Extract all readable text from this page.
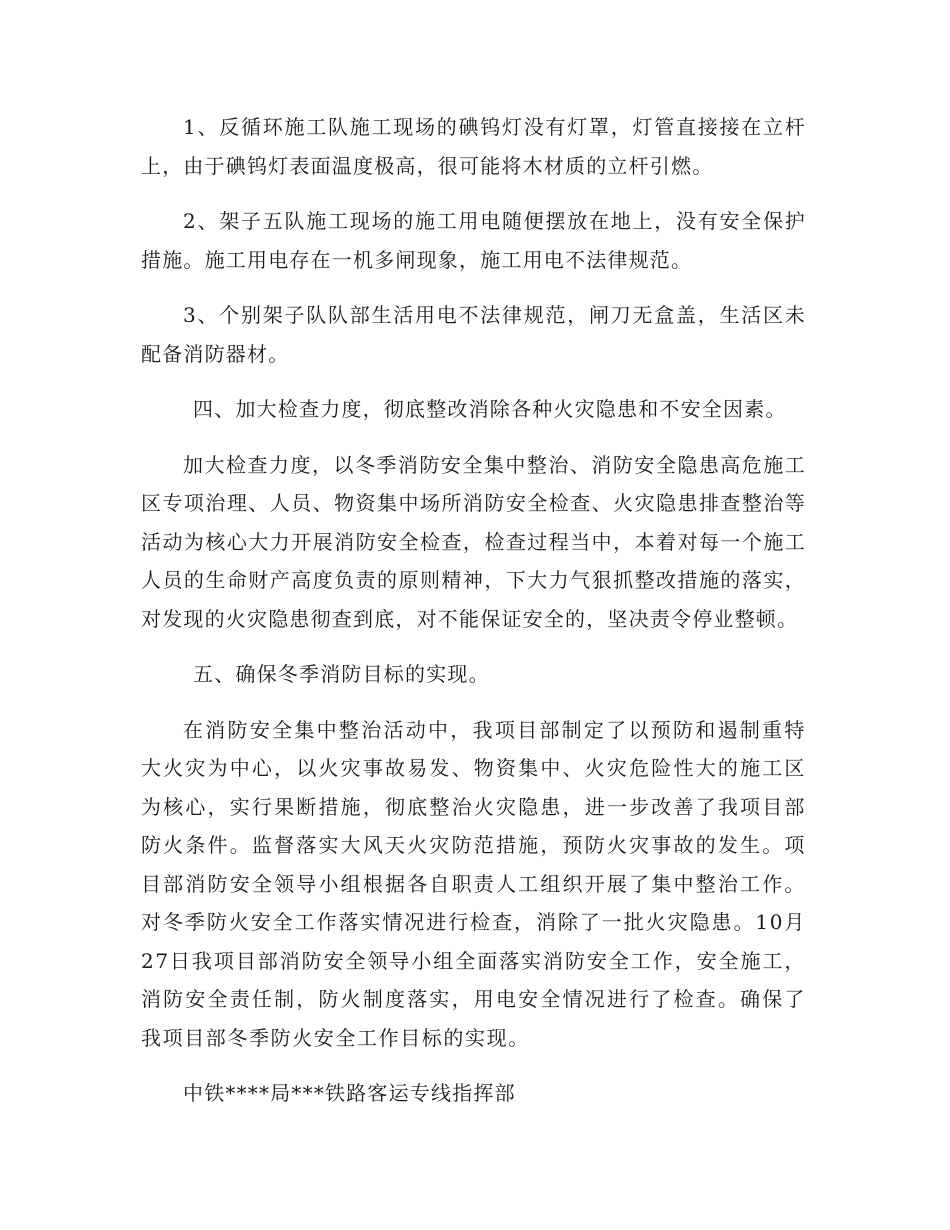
1、反循环施工队施工现场的碘钨灯没有灯罩，灯管直接接在立杆上，由于碘钨灯表面温度极高，很可能将木材质的立杆引燃。

2、架子五队施工现场的施工用电随便摆放在地上，没有安全保护措施。施工用电存在一机多闸现象，施工用电不法律规范。

3、个别架子队队部生活用电不法律规范，闸刀无盒盖，生活区未配备消防器材。

四、加大检查力度，彻底整改消除各种火灾隐患和不安全因素。

加大检查力度，以冬季消防安全集中整治、消防安全隐患高危施工区专项治理、人员、物资集中场所消防安全检查、火灾隐患排查整治等活动为核心大力开展消防安全检查，检查过程当中，本着对每一个施工人员的生命财产高度负责的原则精神，下大力气狠抓整改措施的落实，对发现的火灾隐患彻查到底，对不能保证安全的，坚决责令停业整顿。

五、确保冬季消防目标的实现。

在消防安全集中整治活动中，我项目部制定了以预防和遏制重特大火灾为中心，以火灾事故易发、物资集中、火灾危险性大的施工区为核心，实行果断措施，彻底整治火灾隐患，进一步改善了我项目部防火条件。监督落实大风天火灾防范措施，预防火灾事故的发生。项目部消防安全领导小组根据各自职责人工组织开展了集中整治工作。对冬季防火安全工作落实情况进行检查，消除了一批火灾隐患。10月27日我项目部消防安全领导小组全面落实消防安全工作，安全施工，消防安全责任制，防火制度落实，用电安全情况进行了检查。确保了我项目部冬季防火安全工作目标的实现。

中铁****局***铁路客运专线指挥部
